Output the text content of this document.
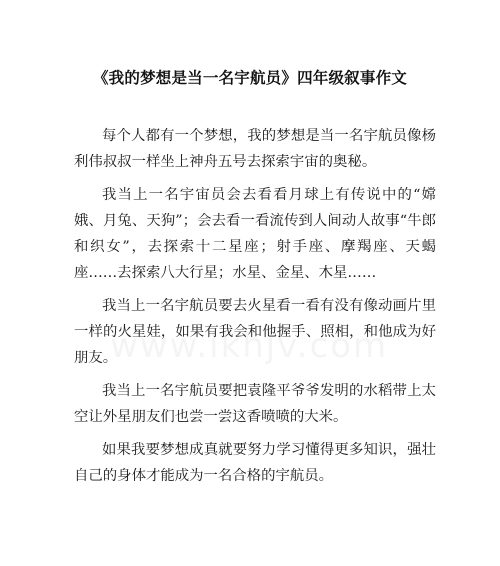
《我的梦想是当一名宇航员》四年级叙事作文

每个人都有一个梦想，我的梦想是当一名宇航员像杨利伟叔叔一样坐上神舟五号去探索宇宙的奥秘。

我当上一名宇宙员会去看看月球上有传说中的“嫦娥、月兔、天狗”；会去看一看流传到人间动人故事“牛郎和织女”，去探索十二星座；射手座、摩羯座、天蝎座……去探索八大行星；水星、金星、木星……

我当上一名宇航员要去火星看一看有没有像动画片里一样的火星娃，如果有我会和他握手、照相，和他成为好朋友。

我当上一名宇航员要把袁隆平爷爷发明的水稻带上太空让外星朋友们也尝一尝这香喷喷的大米。

如果我要梦想成真就要努力学习懂得更多知识，强壮自己的身体才能成为一名合格的宇航员。
